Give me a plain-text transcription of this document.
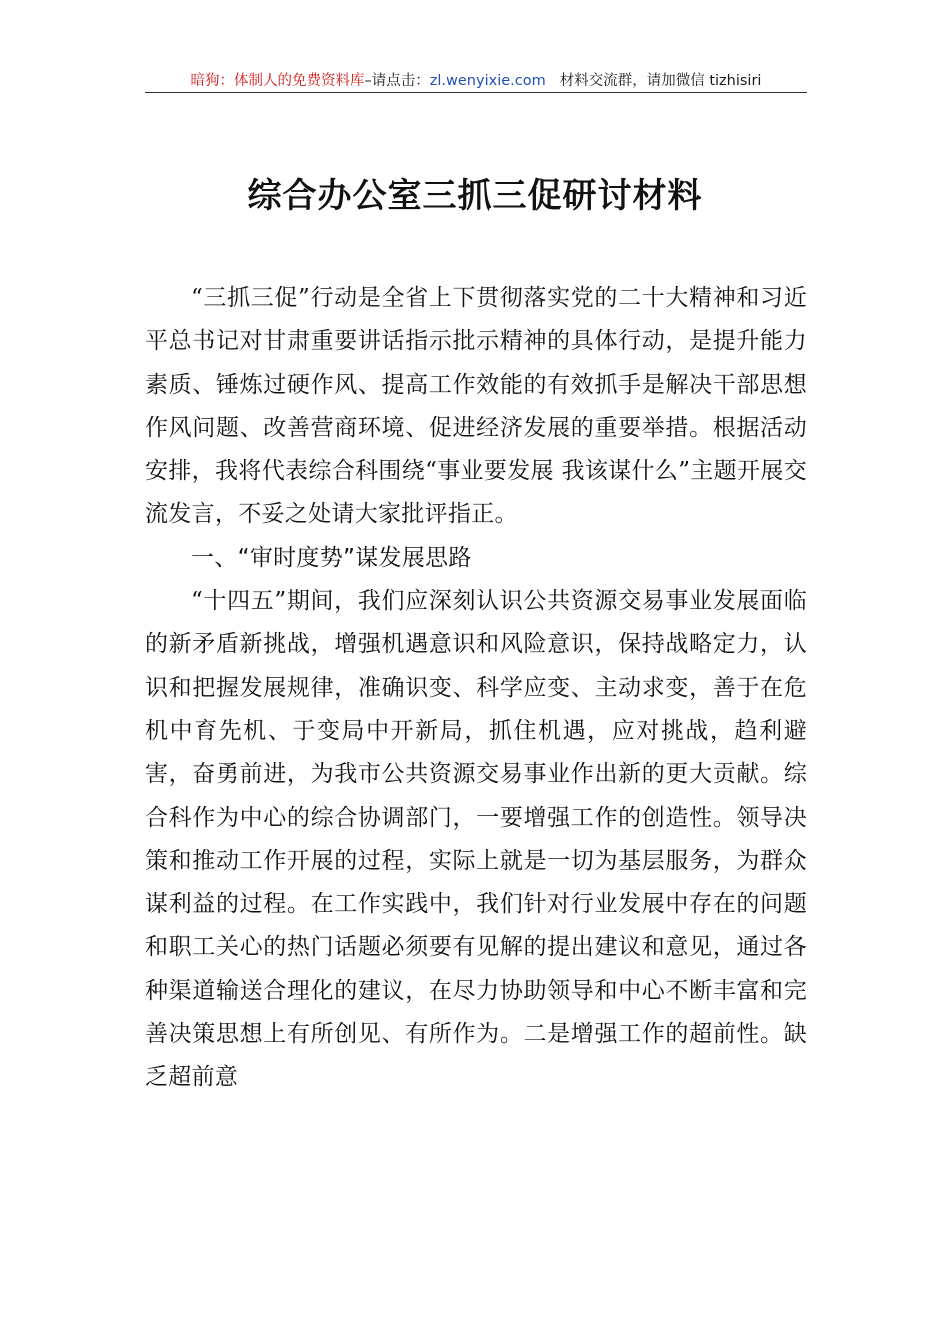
暗狗：体制人的免费资料库–请点击：zl.wenyixie.com 材料交流群，请加微信 tizhisiri
综合办公室三抓三促研讨材料

“三抓三促”行动是全省上下贯彻落实党的二十大精神和习近平总书记对甘肃重要讲话指示批示精神的具体行动，是提升能力素质、锤炼过硬作风、提高工作效能的有效抓手是解决干部思想作风问题、改善营商环境、促进经济发展的重要举措。根据活动安排，我将代表综合科围绕“事业要发展 我该谋什么”主题开展交流发言，不妥之处请大家批评指正。

一、“审时度势”谋发展思路

“十四五”期间，我们应深刻认识公共资源交易事业发展面临的新矛盾新挑战，增强机遇意识和风险意识，保持战略定力，认识和把握发展规律，准确识变、科学应变、主动求变，善于在危机中育先机、于变局中开新局，抓住机遇，应对挑战，趋利避害，奋勇前进，为我市公共资源交易事业作出新的更大贡献。综合科作为中心的综合协调部门，一要增强工作的创造性。领导决策和推动工作开展的过程，实际上就是一切为基层服务，为群众谋利益的过程。在工作实践中，我们针对行业发展中存在的问题和职工关心的热门话题必须要有见解的提出建议和意见，通过各种渠道输送合理化的建议，在尽力协助领导和中心不断丰富和完善决策思想上有所创见、有所作为。二是增强工作的超前性。缺乏超前意
